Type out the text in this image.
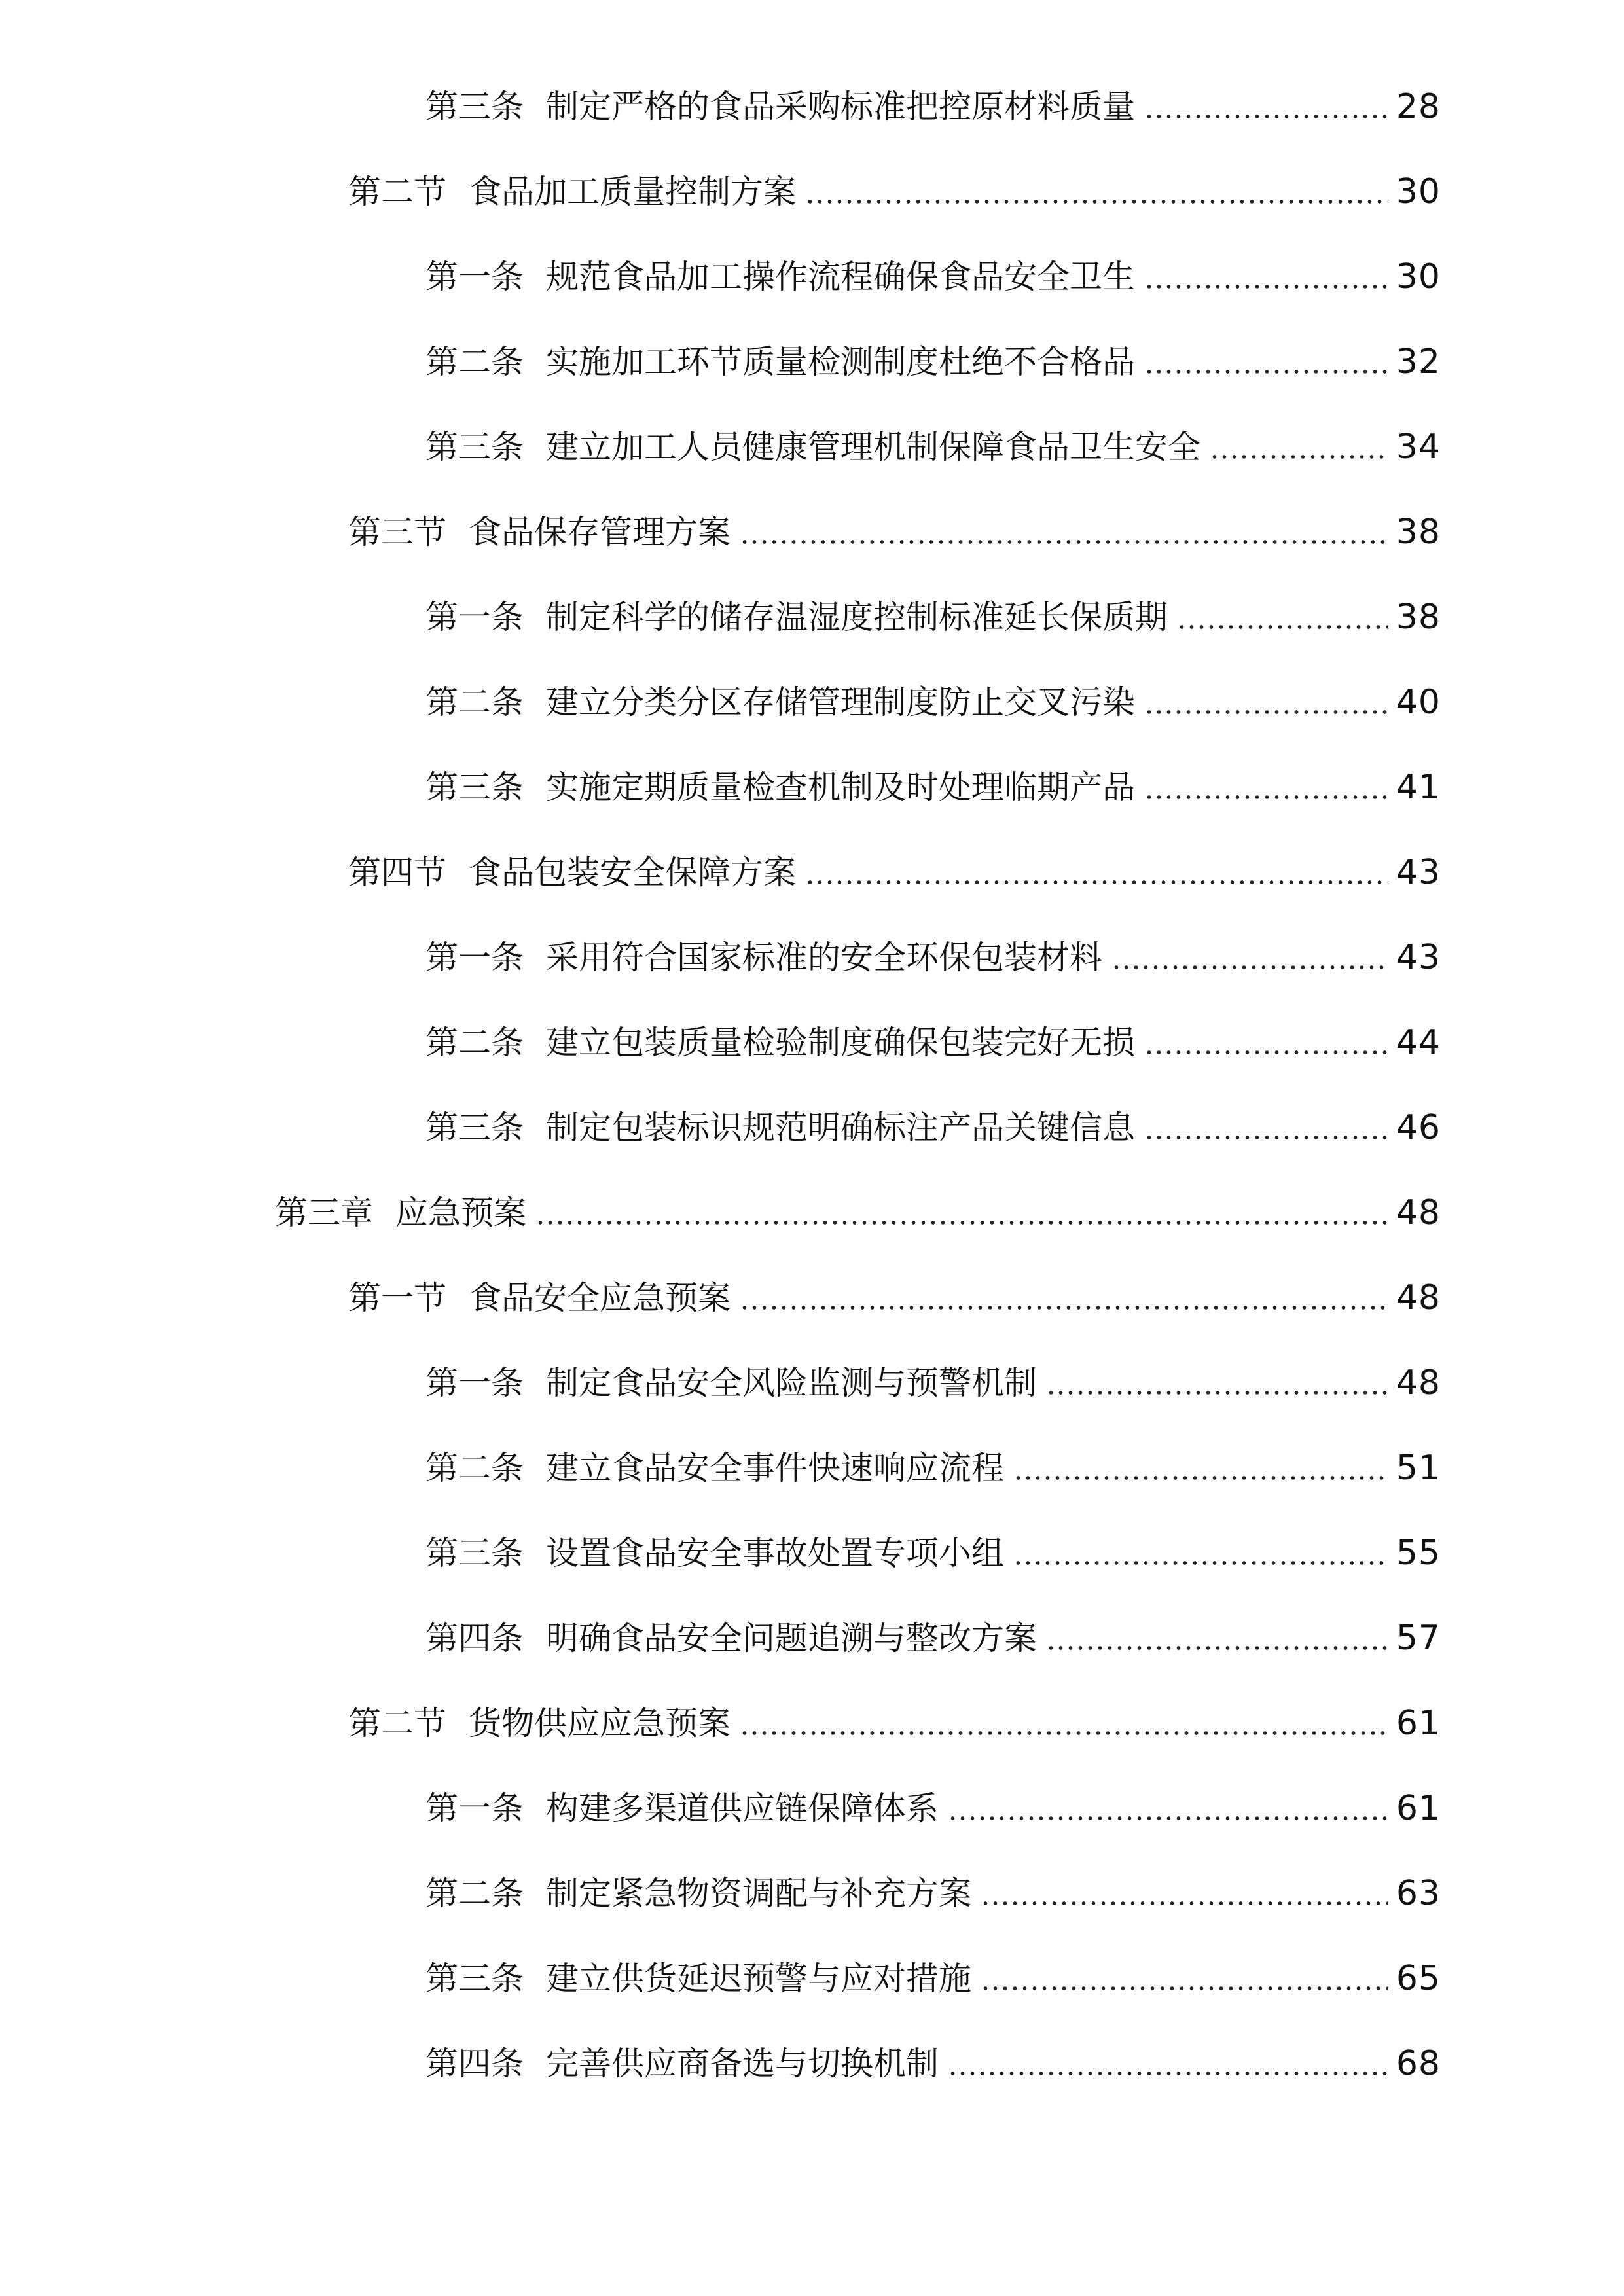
第三条 制定严格的食品采购标准把控原材料质量	28
第二节 食品加工质量控制方案	30
第一条 规范食品加工操作流程确保食品安全卫生	30
第二条 实施加工环节质量检测制度杜绝不合格品	32
第三条 建立加工人员健康管理机制保障食品卫生安全	34
第三节 食品保存管理方案	38
第一条 制定科学的储存温湿度控制标准延长保质期	38
第二条 建立分类分区存储管理制度防止交叉污染	40
第三条 实施定期质量检查机制及时处理临期产品	41
第四节 食品包装安全保障方案	43
第一条 采用符合国家标准的安全环保包装材料	43
第二条 建立包装质量检验制度确保包装完好无损	44
第三条 制定包装标识规范明确标注产品关键信息	46
第三章 应急预案	48
第一节 食品安全应急预案	48
第一条 制定食品安全风险监测与预警机制	48
第二条 建立食品安全事件快速响应流程	51
第三条 设置食品安全事故处置专项小组	55
第四条 明确食品安全问题追溯与整改方案	57
第二节 货物供应应急预案	61
第一条 构建多渠道供应链保障体系	61
第二条 制定紧急物资调配与补充方案	63
第三条 建立供货延迟预警与应对措施	65
第四条 完善供应商备选与切换机制	68
